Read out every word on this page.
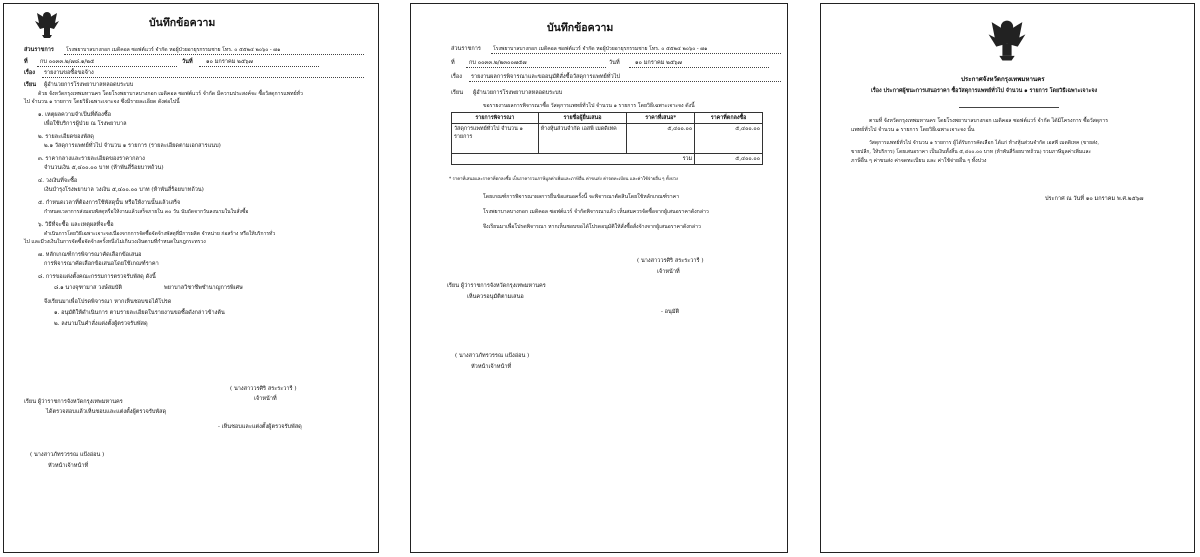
บันทึกข้อความ
ส่วนราชการ โรงพยาบาลบางกอก เมดิคอล ซอฟต์แวร์ จำกัด หอผู้ป่วยอายุรกรรมชาย โทร. ๐ ๕๕๒๔ ๒๐๖๐ - ๗๑
ที่ กบ ๐๐๓๓.๒/๗๘.๑/๒๕	วันที่ ๑๐ มกราคม ๒๕๖๗
เรื่อง รายงานขอซื้อขอจ้าง
เรียน ผู้อำนวยการโรงพยาบาลหลอดบระบบ
ด้วย จังหวัดกรุงเทพมหานคร โดยโรงพยาบาลบางกอก เมดิคอล ซอฟต์แวร์ จำกัด มีความประสงค์จะ ซื้อวัสดุการแพทย์ทั่ว
ไป จำนวน ๑ รายการ โดยวิธีเฉพาะเจาะจง ซึ่งมีรายละเอียด ดังต่อไปนี้
๑. เหตุผลความจำเป็นที่ต้องซื้อ
เพื่อใช้บริการผู้ป่วย ณ โรงพยาบาล
๒. รายละเอียดของพัสดุ
๒.๑ วัสดุการแพทย์ทั่วไป จำนวน ๑ รายการ (รายละเอียดตามเอกสารแนบ)
๓. ราคากลางและรายละเอียดของราคากลาง
จำนวนเงิน ๕,๔๐๐.๐๐ บาท (ห้าพันสี่ร้อยบาทถ้วน)
๔. วงเงินที่จะซื้อ
เงินบำรุงโรงพยาบาล วงเงิน ๕,๔๐๐.๐๐ บาท (ห้าพันสี่ร้อยบาทถ้วน)
๕. กำหนดเวลาที่ต้องการใช้พัสดุนั้น หรือให้งานนั้นแล้วเสร็จ
กำหนดเวลาการส่งมอบพัสดุหรือให้งานแล้วเสร็จภายใน ๓๐ วัน นับถัดจากวันลงนามในใบสั่งซื้อ
๖. วิธีที่จะซื้อ และเหตุผลที่จะซื้อ
ดำเนินการโดยวิธีเฉพาะเจาะจงเนื่องจากการจัดซื้อจัดจ้างพัสดุที่มีการผลิต จำหน่าย ก่อสร้าง หรือให้บริการทั่ว
ไป และมีวงเงินในการจัดซื้อจัดจ้างครั้งหนึ่งไม่เกินวงเงินตามที่กำหนดในกฎกระทรวง
๗. หลักเกณฑ์การพิจารณาคัดเลือกข้อเสนอ
การพิจารณาคัดเลือกข้อเสนอโดยใช้เกณฑ์ราคา
๘. การขอแต่งตั้งคณะกรรมการตรวจรับพัสดุ ดังนี้
๘.๑ นางจุฑามาส วงษ์สมบัติ	พยาบาลวิชาชีพชำนาญการพิเศษ
จึงเรียนมาเพื่อโปรดพิจารณา หากเห็นชอบขอได้โปรด
๑. อนุมัติให้ดำเนินการ ตามรายละเอียดในรายงานขอซื้อดังกล่าวข้างต้น
๒. ลงนามในคำสั่งแต่งตั้งผู้ตรวจรับพัสดุ
( นางสาววรศิริ สระระวารี )
เจ้าหน้าที่
เรียน ผู้ว่าราชการจังหวัดกรุงเทพมหานคร
ได้ตรวจสอบแล้วเห็นชอบและแต่งตั้งผู้ตรวจรับพัสดุ
- เห็นชอบและแต่งตั้งผู้ตรวจรับพัสดุ
( นางสาวภัทรวรรณ แป้งอ่อน )
หัวหน้าเจ้าหน้าที่
บันทึกข้อความ
ส่วนราชการ โรงพยาบาลบางกอก เมดิคอล ซอฟต์แวร์ จำกัด หอผู้ป่วยอายุรกรรมชาย โทร. ๐ ๕๕๒๔ ๒๐๖๐ - ๗๑
ที่	กบ ๐๐๓๓.๒/๒๓๐๐๗๕๗	วันที่	๑๐ มกราคม ๒๕๖๗
เรื่อง รายงานผลการพิจารณาและขออนุมัติสั่งซื้อวัสดุการแพทย์ทั่วไป
เรียน ผู้อำนวยการโรงพยาบาลหลอดบระบบ
ขอรายงานผลการพิจารณาซื้อ วัสดุการแพทย์ทั่วไป จำนวน ๑ รายการ โดยวิธีเฉพาะเจาะจง ดังนี้
รายการพิจารณา	รายชื่อผู้ยื่นเสนอ	ราคาที่เสนอ*	ราคาที่ตกลงซื้อ
วัสดุการแพทย์ทั่วไป จำนวน ๑ รายการ	ห้างหุ้นส่วนจำกัด เอสพี เมดดิเทค	๕,๔๐๐.๐๐	๕,๔๐๐.๐๐
รวม			๕,๔๐๐.๐๐
* ราคาที่เสนอและราคาที่ตกลงซื้อ เป็นราคารวมภาษีมูลค่าเพิ่มและภาษีอื่น ค่าขนส่ง ค่าจดทะเบียน และค่าใช้จ่ายอื่น ๆ ทั้งปวง
โดยเกณฑ์การพิจารณาผลการยื่นข้อเสนอครั้งนี้ จะพิจารณาตัดสินโดยใช้หลักเกณฑ์ราคา
โรงพยาบาลบางกอก เมดิคอล ซอฟต์แวร์ จำกัดพิจารณาแล้ว เห็นสมควรจัดซื้อจากผู้เสนอราคาดังกล่าว
จึงเรียนมาเพื่อโปรดพิจารณา หากเห็นชอบขอได้โปรดอนุมัติให้สั่งซื้อสั่งจ้างจากผู้เสนอราคาดังกล่าว
( นางสาววรศิริ สระระวารี )
เจ้าหน้าที่
เรียน ผู้ว่าราชการจังหวัดกรุงเทพมหานคร
เห็นควรอนุมัติตามเสนอ
- อนุมัติ
( นางสาวภัทรวรรณ แป้งอ่อน )
หัวหน้าเจ้าหน้าที่
ประกาศจังหวัดกรุงเทพมหานคร
เรื่อง ประกาศผู้ชนะการเสนอราคา ซื้อวัสดุการแพทย์ทั่วไป จำนวน ๑ รายการ โดยวิธีเฉพาะเจาะจง
ตามที่ จังหวัดกรุงเทพมหานคร โดยโรงพยาบาลบางกอก เมดิคอล ซอฟต์แวร์ จำกัด ได้มีโครงการ ซื้อวัสดุการ
แพทย์ทั่วไป จำนวน ๑ รายการ โดยวิธีเฉพาะเจาะจง นั้น
วัสดุการแพทย์ทั่วไป จำนวน ๑ รายการ ผู้ได้รับการคัดเลือก ได้แก่ ห้างหุ้นส่วนจำกัด เอสพี เมดดิเทค (ขายส่ง,
ขายปลีก, ให้บริการ) โดยเสนอราคา เป็นเงินทั้งสิ้น ๕,๔๐๐.๐๐ บาท (ห้าพันสี่ร้อยบาทถ้วน) รวมภาษีมูลค่าเพิ่มและ
ภาษีอื่น ๆ ค่าขนส่ง ค่าจดทะเบียน และ ค่าใช้จ่ายอื่น ๆ ทั้งปวง
ประกาศ ณ วันที่ ๑๐ มกราคม พ.ศ.๒๕๖๗
